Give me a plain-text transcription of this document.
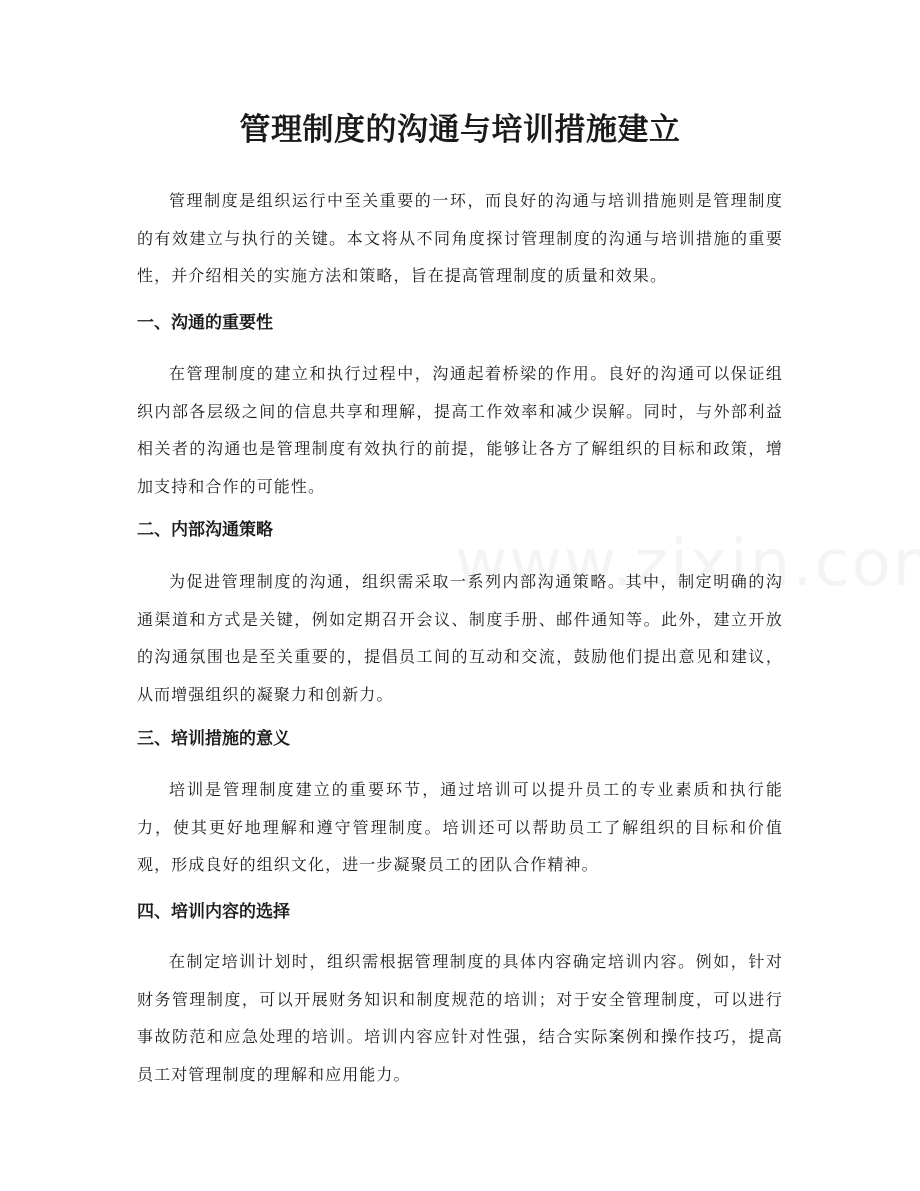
管理制度的沟通与培训措施建立
管理制度是组织运行中至关重要的一环，而良好的沟通与培训措施则是管理制度的有效建立与执行的关键。本文将从不同角度探讨管理制度的沟通与培训措施的重要性，并介绍相关的实施方法和策略，旨在提高管理制度的质量和效果。
一、沟通的重要性
在管理制度的建立和执行过程中，沟通起着桥梁的作用。良好的沟通可以保证组织内部各层级之间的信息共享和理解，提高工作效率和减少误解。同时，与外部利益相关者的沟通也是管理制度有效执行的前提，能够让各方了解组织的目标和政策，增加支持和合作的可能性。
二、内部沟通策略
为促进管理制度的沟通，组织需采取一系列内部沟通策略。其中，制定明确的沟通渠道和方式是关键，例如定期召开会议、制度手册、邮件通知等。此外，建立开放的沟通氛围也是至关重要的，提倡员工间的互动和交流，鼓励他们提出意见和建议，从而增强组织的凝聚力和创新力。
三、培训措施的意义
培训是管理制度建立的重要环节，通过培训可以提升员工的专业素质和执行能力，使其更好地理解和遵守管理制度。培训还可以帮助员工了解组织的目标和价值观，形成良好的组织文化，进一步凝聚员工的团队合作精神。
四、培训内容的选择
在制定培训计划时，组织需根据管理制度的具体内容确定培训内容。例如，针对财务管理制度，可以开展财务知识和制度规范的培训；对于安全管理制度，可以进行事故防范和应急处理的培训。培训内容应针对性强，结合实际案例和操作技巧，提高员工对管理制度的理解和应用能力。
